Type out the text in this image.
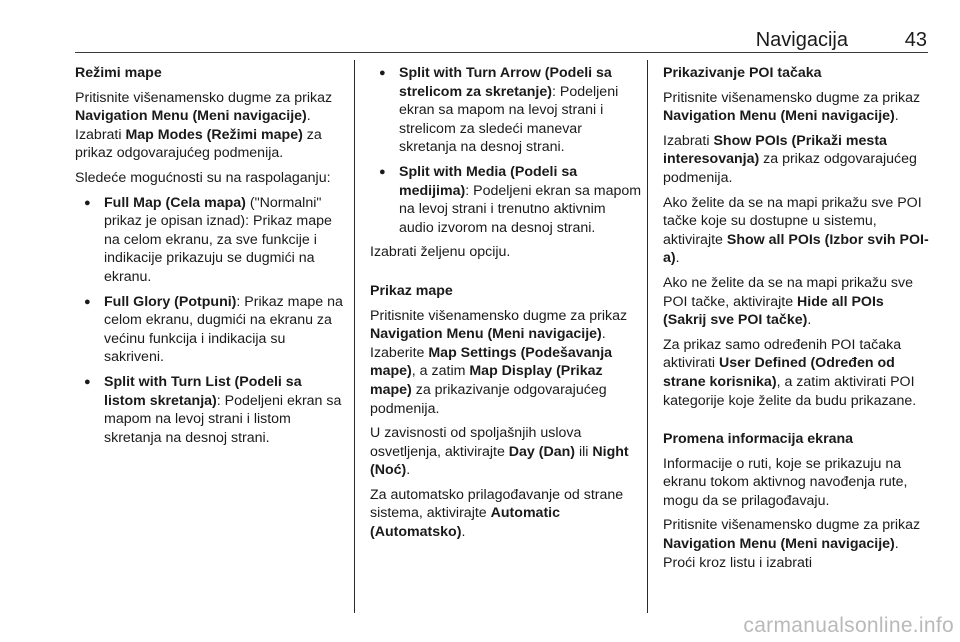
Navigacija	43

Režimi mape

Pritisnite višenamensko dugme za prikaz Navigation Menu (Meni navigacije). Izabrati Map Modes (Režimi mape) za prikaz odgovarajućeg podmenija.

Sledeće mogućnosti su na raspolaganju:

● Full Map (Cela mapa) ("Normalni" prikaz je opisan iznad): Prikaz mape na celom ekranu, za sve funkcije i indikacije prikazuju se dugmići na ekranu.
● Full Glory (Potpuni): Prikaz mape na celom ekranu, dugmići na ekranu za većinu funkcija i indikacija su sakriveni.
● Split with Turn List (Podeli sa listom skretanja): Podeljeni ekran sa mapom na levoj strani i listom skretanja na desnoj strani.
● Split with Turn Arrow (Podeli sa strelicom za skretanje): Podeljeni ekran sa mapom na levoj strani i strelicom za sledeći manevar skretanja na desnoj strani.
● Split with Media (Podeli sa medijima): Podeljeni ekran sa mapom na levoj strani i trenutno aktivnim audio izvorom na desnoj strani.

Izabrati željenu opciju.

Prikaz mape

Pritisnite višenamensko dugme za prikaz Navigation Menu (Meni navigacije). Izaberite Map Settings (Podešavanja mape), a zatim Map Display (Prikaz mape) za prikazivanje odgovarajućeg podmenija.

U zavisnosti od spoljašnjih uslova osvetljenja, aktivirajte Day (Dan) ili Night (Noć).

Za automatsko prilagođavanje od strane sistema, aktivirajte Automatic (Automatsko).

Prikazivanje POI tačaka

Pritisnite višenamensko dugme za prikaz Navigation Menu (Meni navigacije).

Izabrati Show POIs (Prikaži mesta interesovanja) za prikaz odgovarajućeg podmenija.

Ako želite da se na mapi prikažu sve POI tačke koje su dostupne u sistemu, aktivirajte Show all POIs (Izbor svih POI-a).

Ako ne želite da se na mapi prikažu sve POI tačke, aktivirajte Hide all POIs (Sakrij sve POI tačke).

Za prikaz samo određenih POI tačaka aktivirati User Defined (Određen od strane korisnika), a zatim aktivirati POI kategorije koje želite da budu prikazane.

Promena informacija ekrana

Informacije o ruti, koje se prikazuju na ekranu tokom aktivnog navođenja rute, mogu da se prilagođavaju.

Pritisnite višenamensko dugme za prikaz Navigation Menu (Meni navigacije). Proći kroz listu i izabrati

carmanualsonline.info
